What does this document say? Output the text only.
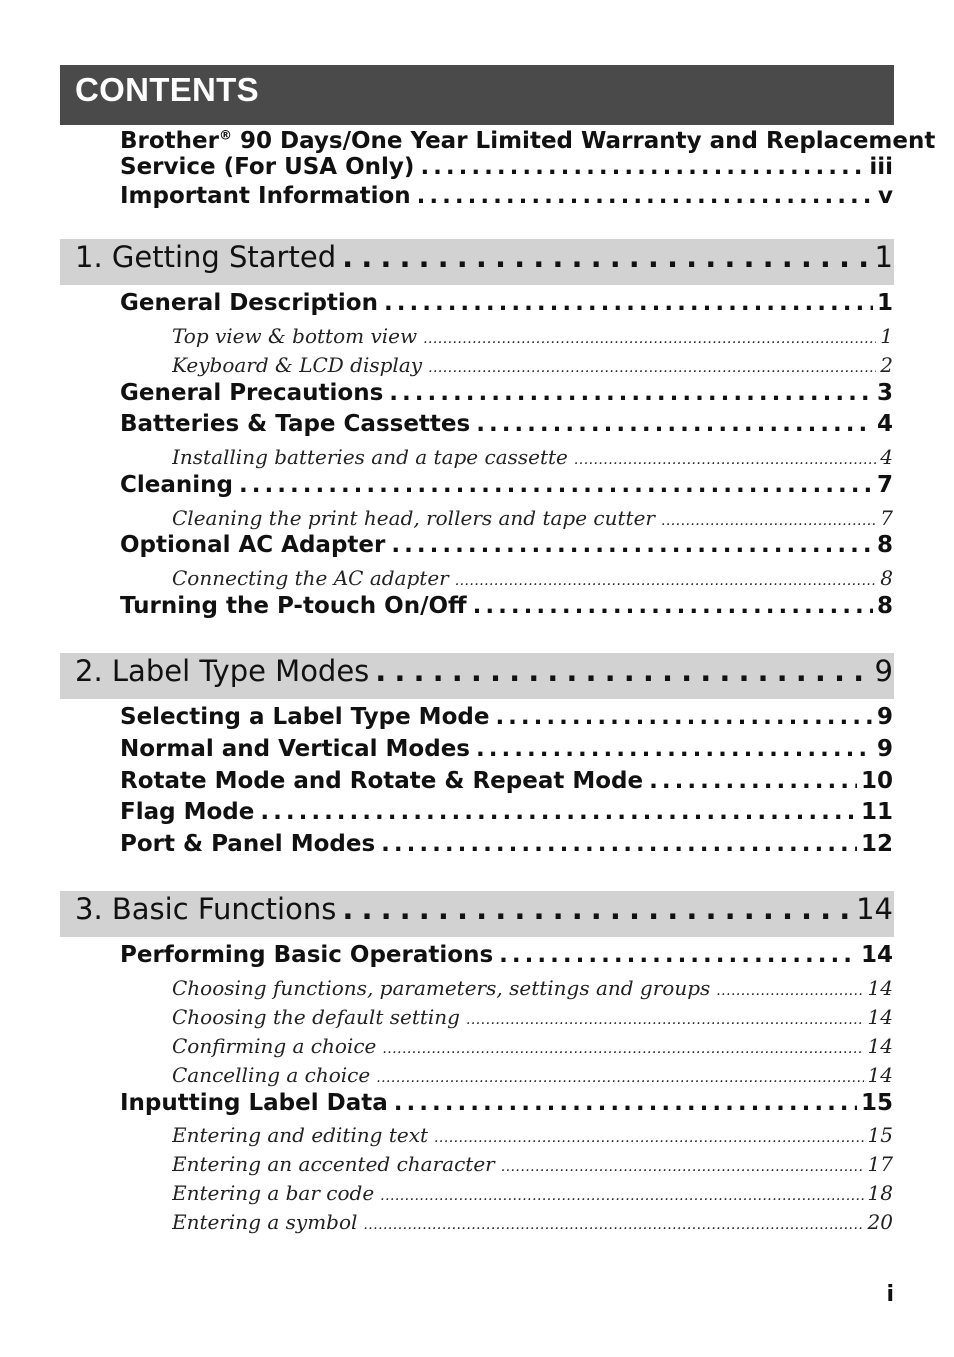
CONTENTS
Brother® 90 Days/One Year Limited Warranty and Replacement
Service (For USA Only) . . .	iii
Important Information . . .	v
1. Getting Started . . .	1
General Description . . .	1
Top view & bottom view . . .	1
Keyboard & LCD display . . .	2
General Precautions . . .	3
Batteries & Tape Cassettes . . .	4
Installing batteries and a tape cassette . . .	4
Cleaning . . .	7
Cleaning the print head, rollers and tape cutter . . .	7
Optional AC Adapter . . .	8
Connecting the AC adapter . . .	8
Turning the P-touch On/Off . . .	8
2. Label Type Modes . . .	9
Selecting a Label Type Mode . . .	9
Normal and Vertical Modes . . .	9
Rotate Mode and Rotate & Repeat Mode . . .	10
Flag Mode . . .	11
Port & Panel Modes . . .	12
3. Basic Functions . . .	14
Performing Basic Operations . . .	14
Choosing functions, parameters, settings and groups . . .	14
Choosing the default setting . . .	14
Confirming a choice . . .	14
Cancelling a choice . . .	14
Inputting Label Data . . .	15
Entering and editing text . . .	15
Entering an accented character . . .	17
Entering a bar code . . .	18
Entering a symbol . . .	20
i
